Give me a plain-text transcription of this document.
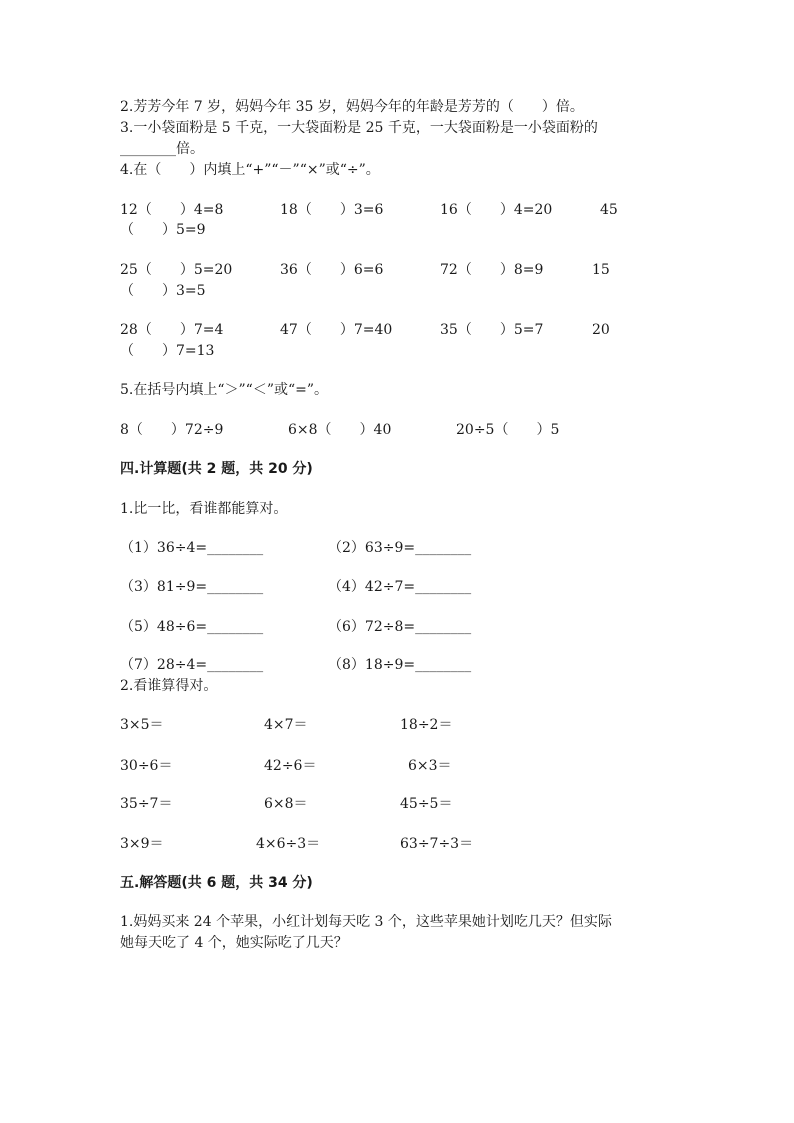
2.芳芳今年 7 岁，妈妈今年 35 岁，妈妈今年的年龄是芳芳的（　　）倍。
3.一小袋面粉是 5 千克，一大袋面粉是 25 千克，一大袋面粉是一小袋面粉的
________倍。
4.在（　　）内填上“+”“－”“×”或“÷”。
12（　　）4=8	18（　　）3=6	16（　　）4=20	45
（　　）5=9
25（　　）5=20	36（　　）6=6	72（　　）8=9	15
（　　）3=5
28（　　）7=4	47（　　）7=40	35（　　）5=7	20
（　　）7=13
5.在括号内填上“＞”“＜”或“=”。
8（　　）72÷9	6×8（　　）40	20÷5（　　）5
四.计算题(共 2 题，共 20 分)
1.比一比，看谁都能算对。
（1）36÷4=________	（2）63÷9=________
（3）81÷9=________	（4）42÷7=________
（5）48÷6=________	（6）72÷8=________
（7）28÷4=________	（8）18÷9=________
2.看谁算得对。
3×5＝	4×7＝	18÷2＝
30÷6＝	42÷6＝	6×3＝
35÷7＝	6×8＝	45÷5＝
3×9＝	4×6÷3＝	63÷7÷3＝
五.解答题(共 6 题，共 34 分)
1.妈妈买来 24 个苹果，小红计划每天吃 3 个，这些苹果她计划吃几天？但实际
她每天吃了 4 个，她实际吃了几天？
